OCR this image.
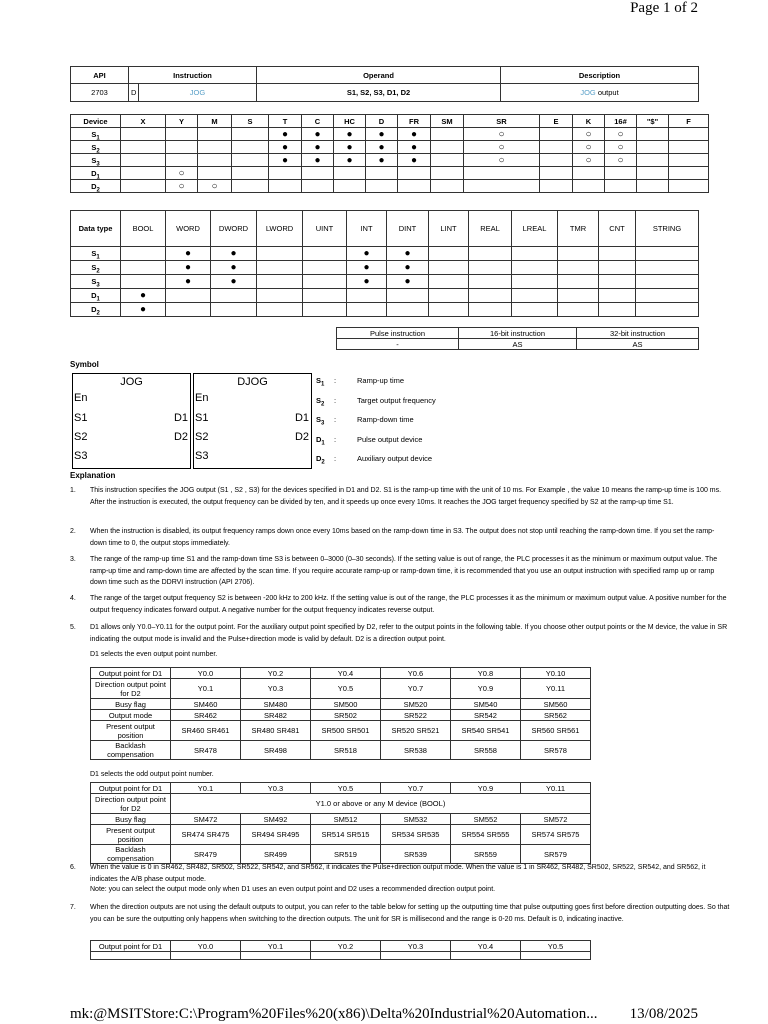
Page 1 of 2
API	Instruction		Operand	Description
2703	D	JOG	S1, S2, S3, D1, D2	JOG output
Device	X	Y	M	S	T	C	HC	D	FR	SM	SR	E	K	16#	"$"	F
$S_1$					●	●	●	●	●		○		○	○		
$S_2$					●	●	●	●	●		○		○	○		
$S_3$					●	●	●	●	●		○		○	○		
$D_1$		○														
$D_2$		○	○													
Data type	BOOL	WORD	DWORD	LWORD	UINT	INT	DINT	LINT	REAL	LREAL	TMR	CNT	STRING
$S_1$		●	●			●	●						
$S_2$		●	●			●	●						
$S_3$		●	●			●	●						
$D_1$	●												
$D_2$	●												
Pulse instruction	16-bit instruction	32-bit instruction
-	AS	AS
Symbol
JOG
En
S1
S2
S3
D1
D2
DJOG
En
S1
S2
S3
D1
D2
$S_1$ :	Ramp-up time
$S_2$ :	Target output frequency
$S_3$ :	Ramp-down time
$D_1$ :	Pulse output device
$D_2$ :	Auxiliary output device
Explanation
1. This instruction specifies the JOG output (S1 , S2 , S3) for the devices specified in D1 and D2. S1 is the ramp-up time with the unit of 10 ms. For Example , the value 10 means the ramp-up time is 100 ms. After the instruction is executed, the output frequency can be divided by ten, and it speeds up once every 10ms. It reaches the JOG target frequency specified by S2 at the ramp-up time S1.
2. When the instruction is disabled, its output frequency ramps down once every 10ms based on the ramp-down time in S3. The output does not stop until reaching the ramp-down time. If you set the ramp-down time to 0, the output stops immediately.
3. The range of the ramp-up time S1 and the ramp-down time S3 is between 0–3000 (0–30 seconds). If the setting value is out of range, the PLC processes it as the minimum or maximum output value. The ramp-up time and ramp-down time are affected by the scan time. If you require accurate ramp-up or ramp-down time, it is recommended that you use an output instruction with specified ramp up or ramp down time such as the DDRVI instruction (API 2706).
4. The range of the target output frequency S2 is between -200 kHz to 200 kHz. If the setting value is out of the range, the PLC processes it as the minimum or maximum output value. A positive number for the output frequency indicates forward output. A negative number for the output frequency indicates reverse output.
5. D1 allows only Y0.0–Y0.11 for the output point. For the auxiliary output point specified by D2, refer to the output points in the following table. If you choose other output points or the M device, the value in SR indicating the output mode is invalid and the Pulse+direction mode is valid by default. D2 is a direction output point.
D1 selects the even output point number.
Output point for D1	Y0.0	Y0.2	Y0.4	Y0.6	Y0.8	Y0.10
Direction output point for D2	Y0.1	Y0.3	Y0.5	Y0.7	Y0.9	Y0.11
Busy flag	SM460	SM480	SM500	SM520	SM540	SM560
Output mode	SR462	SR482	SR502	SR522	SR542	SR562
Present output position	SR460 SR461	SR480 SR481	SR500 SR501	SR520 SR521	SR540 SR541	SR560 SR561
Backlash compensation	SR478	SR498	SR518	SR538	SR558	SR578
D1 selects the odd output point number.
Output point for D1	Y0.1	Y0.3	Y0.5	Y0.7	Y0.9	Y0.11
Direction output point for D2	Y1.0 or above or any M device (BOOL)					
Busy flag	SM472	SM492	SM512	SM532	SM552	SM572
Present output position	SR474 SR475	SR494 SR495	SR514 SR515	SR534 SR535	SR554 SR555	SR574 SR575
Backlash compensation	SR479	SR499	SR519	SR539	SR559	SR579
6. When the value is 0 in SR462, SR482, SR502, SR522, SR542, and SR562, it indicates the Pulse+direction output mode. When the value is 1 in SR462, SR482, SR502, SR522, SR542, and SR562, it indicates the A/B phase output mode.
Note: you can select the output mode only when D1 uses an even output point and D2 uses a recommended direction output point.
7. When the direction outputs are not using the default outputs to output, you can refer to the table below for setting up the outputting time that pulse outputting goes first before direction outputting does. So that you can be sure the outputting only happens when switching to the direction outputs. The unit for SR is millisecond and the range is 0-20 ms. Default is 0, indicating inactive.
Output point for D1	Y0.0	Y0.1	Y0.2	Y0.3	Y0.4	Y0.5

mk:@MSITStore:C:\Program%20Files%20(x86)\Delta%20Industrial%20Automation...	13/08/2025
